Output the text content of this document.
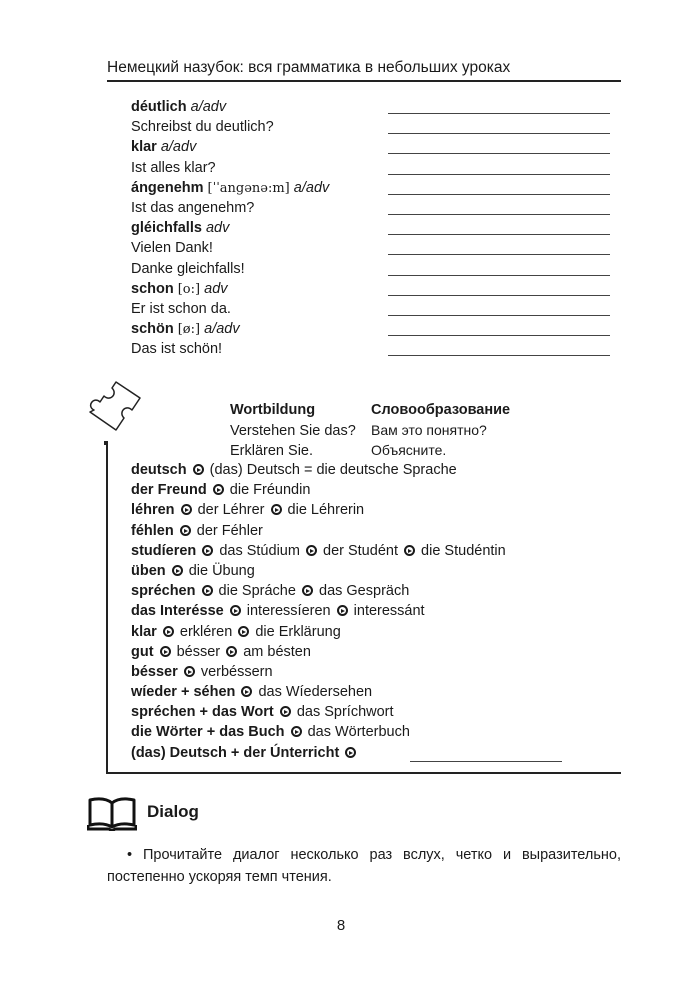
Немецкий назубок: вся грамматика в небольших уроках
déutlich a/adv
Schreibst du deutlich?
klar a/adv
Ist alles klar?
ángenehm [ˈˈangənə:m] a/adv
Ist das angenehm?
gléichfalls adv
Vielen Dank!
Danke gleichfalls!
schon [o:] adv
Er ist schon da.
schön [ø:] a/adv
Das ist schön!
Wortbildung	Словообразование
Verstehen Sie das? Вам это понятно?
Erklären Sie.	Объясните.
deutsch (das) Deutsch = die deutsche Sprache
der Freund die Fréundin
léhren der Léhrer die Léhrerin
féhlen der Féhler
studíeren das Stúdium der Studént die Studéntin
üben die Übung
spréchen die Spráche das Gespräch
das Interésse interessíeren interessánt
klar erkléren die Erklärung
gut bésser am bésten
bésser verbéssern
wíeder + séhen das Wíedersehen
spréchen + das Wort das Spríchwort
die Wörter + das Buch das Wörterbuch
(das) Deutsch + der Únterricht
Dialog
• Прочитайте диалог несколько раз вслух, четко и выразительно, постепенно ускоряя темп чтения.
8
